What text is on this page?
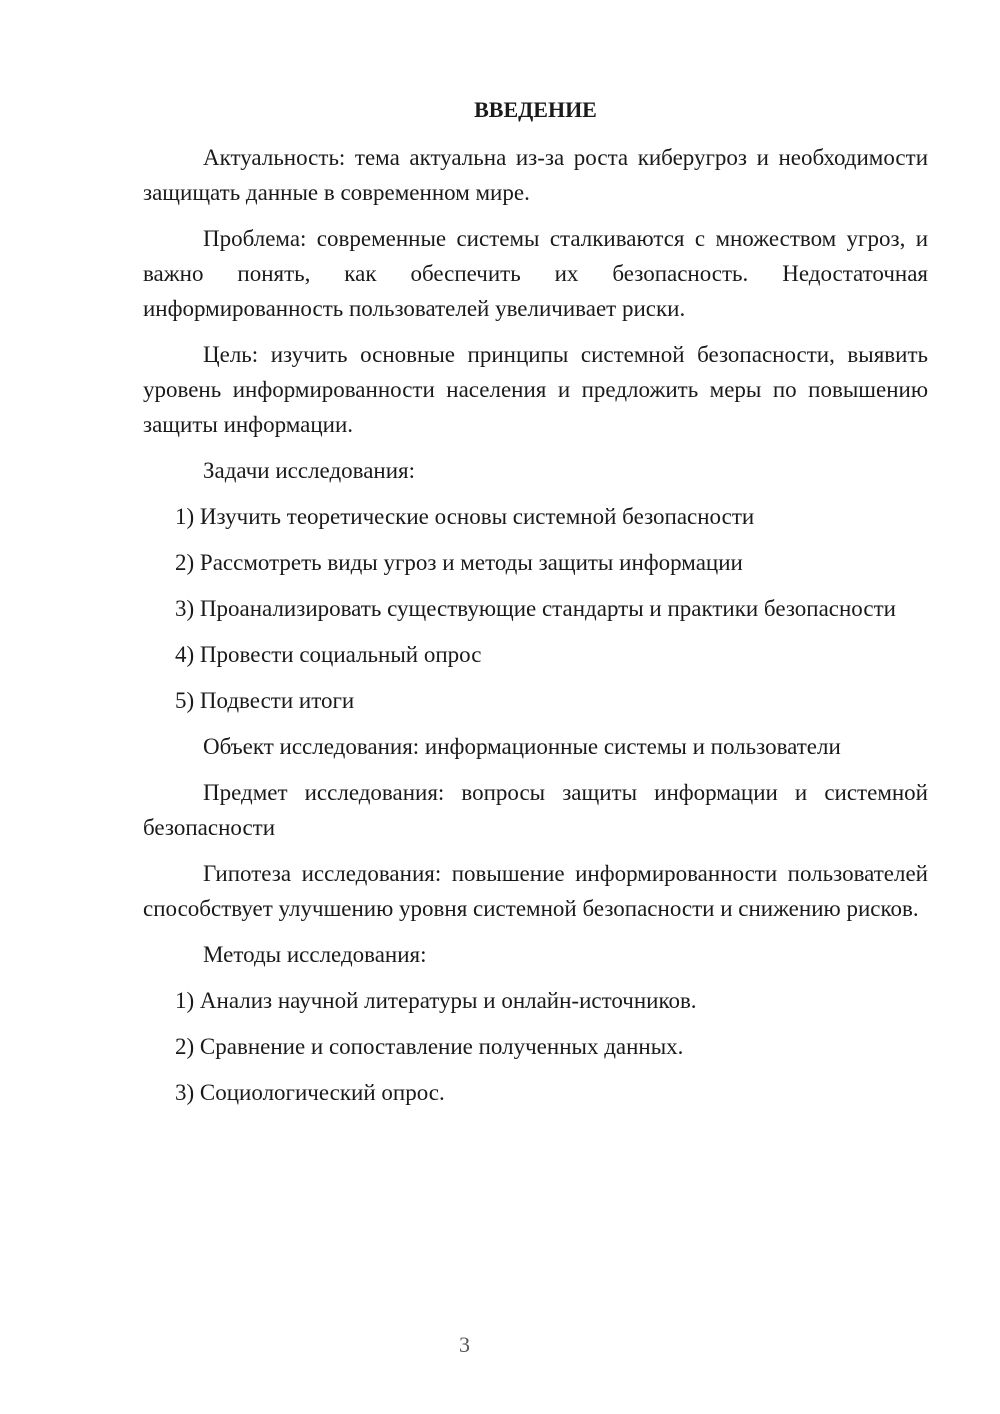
ВВЕДЕНИЕ

Актуальность: тема актуальна из-за роста киберугроз и необходимости защищать данные в современном мире.

Проблема: современные системы сталкиваются с множеством угроз, и важно понять, как обеспечить их безопасность. Недостаточная информированность пользователей увеличивает риски.

Цель: изучить основные принципы системной безопасности, выявить уровень информированности населения и предложить меры по повышению защиты информации.

Задачи исследования:

1) Изучить теоретические основы системной безопасности

2) Рассмотреть виды угроз и методы защиты информации

3) Проанализировать существующие стандарты и практики безопасности

4) Провести социальный опрос

5) Подвести итоги

Объект исследования: информационные системы и пользователи

Предмет исследования: вопросы защиты информации и системной безопасности

Гипотеза исследования: повышение информированности пользователей способствует улучшению уровня системной безопасности и снижению рисков.

Методы исследования:

1) Анализ научной литературы и онлайн-источников.

2) Сравнение и сопоставление полученных данных.

3) Социологический опрос.

3
